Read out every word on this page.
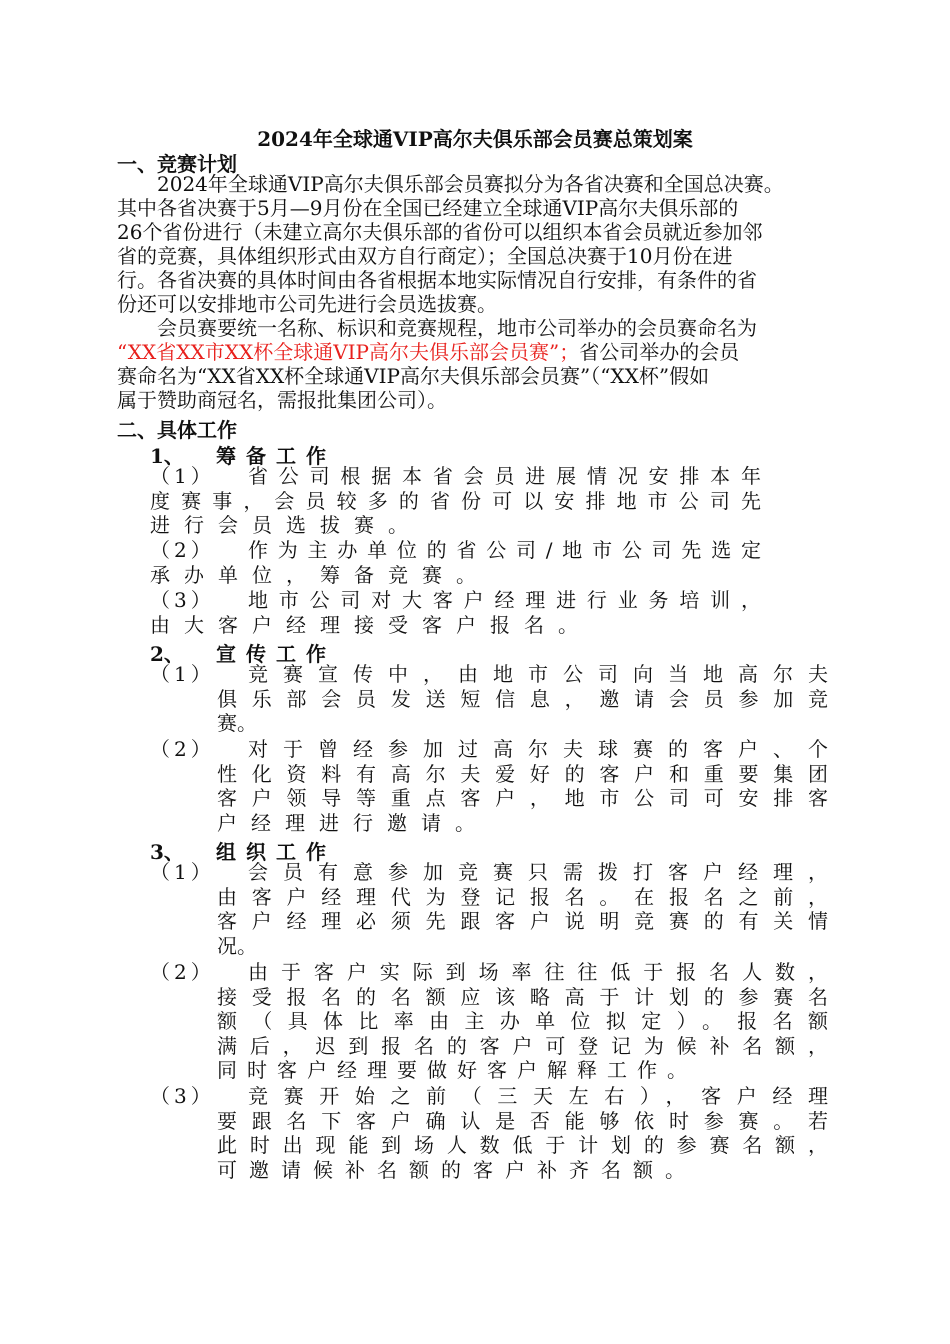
2024年全球通VIP高尔夫俱乐部会员赛总策划案
一、竞赛计划
　　2024年全球通VIP高尔夫俱乐部会员赛拟分为各省决赛和全国总决赛。
其中各省决赛于5月—9月份在全国已经建立全球通VIP高尔夫俱乐部的
26个省份进行（未建立高尔夫俱乐部的省份可以组织本省会员就近参加邻
省的竞赛，具体组织形式由双方自行商定）；全国总决赛于10月份在进
行。各省决赛的具体时间由各省根据本地实际情况自行安排，有条件的省
份还可以安排地市公司先进行会员选拔赛。
　　会员赛要统一名称、标识和竞赛规程，地市公司举办的会员赛命名为
“XX省XX市XX杯全球通VIP高尔夫俱乐部会员赛”；省公司举办的会员
赛命名为“XX省XX杯全球通VIP高尔夫俱乐部会员赛”（“XX杯”假如
属于赞助商冠名，需报批集团公司）。
二、具体工作
1、 筹备工作
（1）	省公司根据本省会员进展情况安排本年
度赛事，会员较多的省份可以安排地市公司先
进行会员选拔赛。
（2）	作为主办单位的省公司/地市公司先选定
承办单位，筹备竞赛。
（3）	地市公司对大客户经理进行业务培训，
由大客户经理接受客户报名。
2、 宣传工作
（1）	竞赛宣传中，由地市公司向当地高尔夫
俱乐部会员发送短信息，邀请会员参加竞
赛。
（2）	对于曾经参加过高尔夫球赛的客户、个
性化资料有高尔夫爱好的客户和重要集团
客户领导等重点客户，地市公司可安排客
户经理进行邀请。
3、 组织工作
（1）	会员有意参加竞赛只需拨打客户经理，
由客户经理代为登记报名。在报名之前，
客户经理必须先跟客户说明竞赛的有关情
况。
（2）	由于客户实际到场率往往低于报名人数，
接受报名的名额应该略高于计划的参赛名
额（具体比率由主办单位拟定）。报名额
满后，迟到报名的客户可登记为候补名额，
同时客户经理要做好客户解释工作。
（3）	竞赛开始之前（三天左右），客户经理
要跟名下客户确认是否能够依时参赛。若
此时出现能到场人数低于计划的参赛名额，
可邀请候补名额的客户补齐名额。
